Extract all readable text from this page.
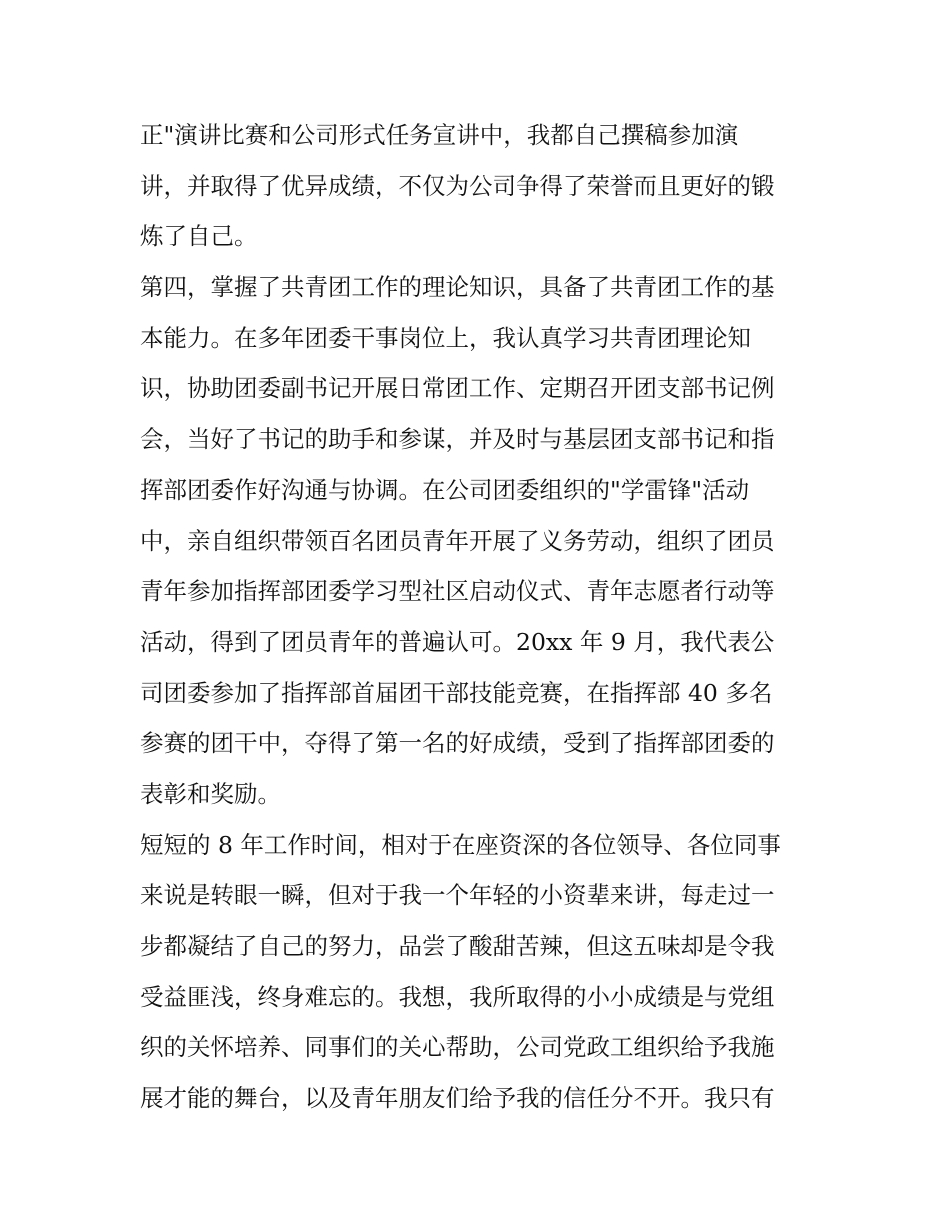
正"演讲比赛和公司形式任务宣讲中，我都自己撰稿参加演
讲，并取得了优异成绩，不仅为公司争得了荣誉而且更好的锻
炼了自己。
第四，掌握了共青团工作的理论知识，具备了共青团工作的基
本能力。在多年团委干事岗位上，我认真学习共青团理论知
识，协助团委副书记开展日常团工作、定期召开团支部书记例
会，当好了书记的助手和参谋，并及时与基层团支部书记和指
挥部团委作好沟通与协调。在公司团委组织的"学雷锋"活动
中，亲自组织带领百名团员青年开展了义务劳动，组织了团员
青年参加指挥部团委学习型社区启动仪式、青年志愿者行动等
活动，得到了团员青年的普遍认可。20xx 年 9 月，我代表公
司团委参加了指挥部首届团干部技能竞赛，在指挥部 40 多名
参赛的团干中，夺得了第一名的好成绩，受到了指挥部团委的
表彰和奖励。
短短的 8 年工作时间，相对于在座资深的各位领导、各位同事
来说是转眼一瞬，但对于我一个年轻的小资辈来讲，每走过一
步都凝结了自己的努力，品尝了酸甜苦辣，但这五味却是令我
受益匪浅，终身难忘的。我想，我所取得的小小成绩是与党组
织的关怀培养、同事们的关心帮助，公司党政工组织给予我施
展才能的舞台，以及青年朋友们给予我的信任分不开。我只有
